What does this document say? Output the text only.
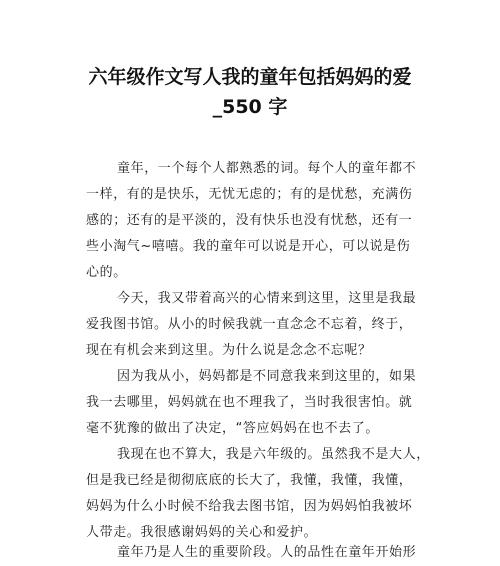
六年级作文写人我的童年包括妈妈的爱
_550 字
童年，一个每个人都熟悉的词。每个人的童年都不
一样，有的是快乐，无忧无虑的；有的是忧愁，充满伤
感的；还有的是平淡的，没有快乐也没有忧愁，还有一
些小淘气~嘻嘻。我的童年可以说是开心，可以说是伤
心的。
今天，我又带着高兴的心情来到这里，这里是我最
爱我图书馆。从小的时候我就一直念念不忘着，终于，
现在有机会来到这里。为什么说是念念不忘呢？
因为我从小，妈妈都是不同意我来到这里的，如果
我一去哪里，妈妈就在也不理我了，当时我很害怕。就
毫不犹豫的做出了决定，“答应妈妈在也不去了。
我现在也不算大，我是六年级的。虽然我不是大人，
但是我已经是彻彻底底的长大了，我懂，我懂，我懂，
妈妈为什么小时候不给我去图书馆，因为妈妈怕我被坏
人带走。我很感谢妈妈的关心和爱护。
童年乃是人生的重要阶段。人的品性在童年开始形
